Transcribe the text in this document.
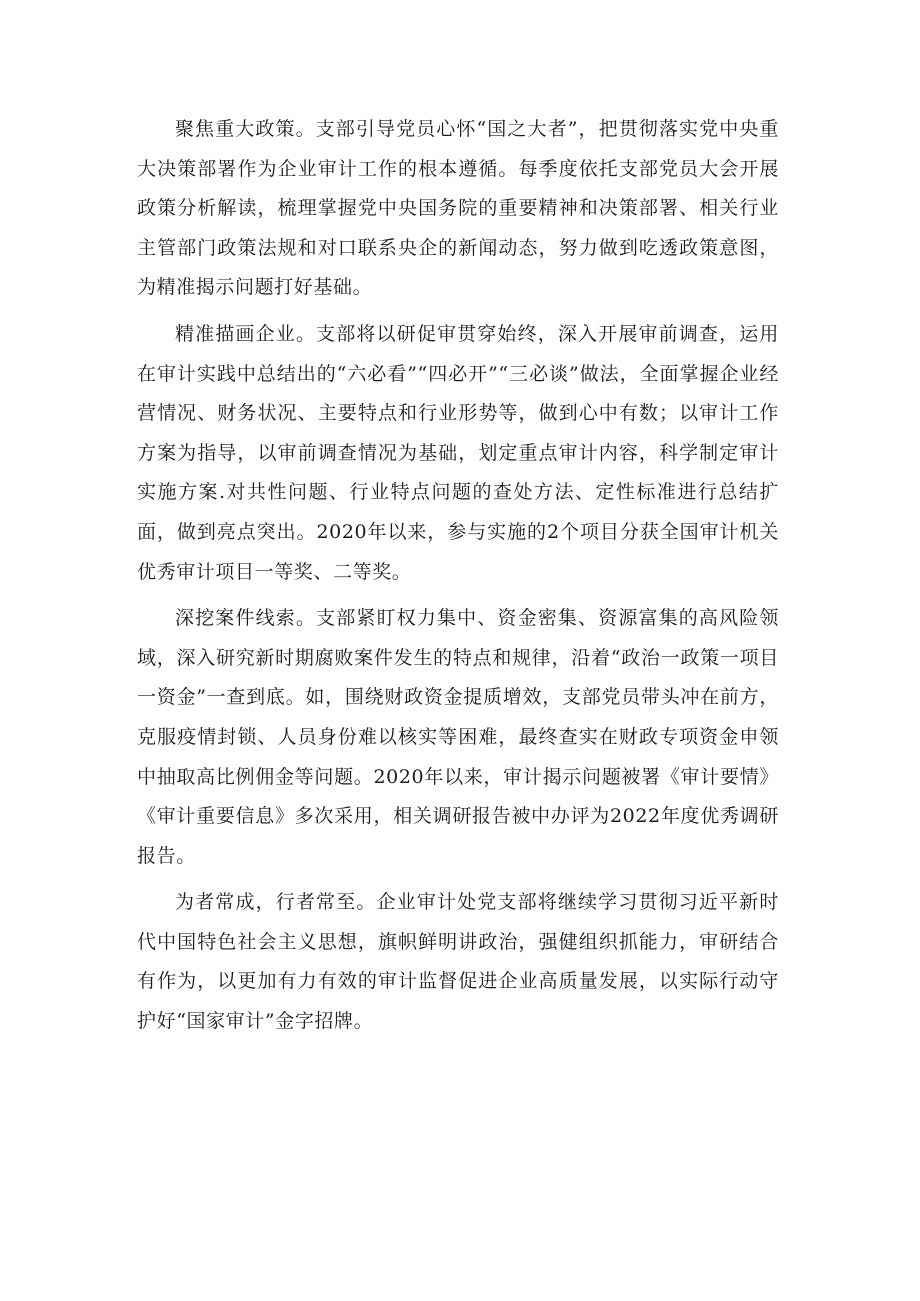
聚焦重大政策。支部引导党员心怀“国之大者”，把贯彻落实党中央重大决策部署作为企业审计工作的根本遵循。每季度依托支部党员大会开展政策分析解读，梳理掌握党中央国务院的重要精神和决策部署、相关行业主管部门政策法规和对口联系央企的新闻动态，努力做到吃透政策意图，为精准揭示问题打好基础。

精准描画企业。支部将以研促审贯穿始终，深入开展审前调查，运用在审计实践中总结出的“六必看”“四必开”“三必谈”做法，全面掌握企业经营情况、财务状况、主要特点和行业形势等，做到心中有数；以审计工作方案为指导，以审前调查情况为基础，划定重点审计内容，科学制定审计实施方案.对共性问题、行业特点问题的查处方法、定性标准进行总结扩面，做到亮点突出。2020年以来，参与实施的2个项目分获全国审计机关优秀审计项目一等奖、二等奖。

深挖案件线索。支部紧盯权力集中、资金密集、资源富集的高风险领域，深入研究新时期腐败案件发生的特点和规律，沿着“政治一政策一项目一资金”一查到底。如，围绕财政资金提质增效，支部党员带头冲在前方，克服疫情封锁、人员身份难以核实等困难，最终查实在财政专项资金申领中抽取高比例佣金等问题。2020年以来，审计揭示问题被署《审计要情》《审计重要信息》多次采用，相关调研报告被中办评为2022年度优秀调研报告。

为者常成，行者常至。企业审计处党支部将继续学习贯彻习近平新时代中国特色社会主义思想，旗帜鲜明讲政治，强健组织抓能力，审研结合有作为，以更加有力有效的审计监督促进企业高质量发展，以实际行动守护好“国家审计”金字招牌。
